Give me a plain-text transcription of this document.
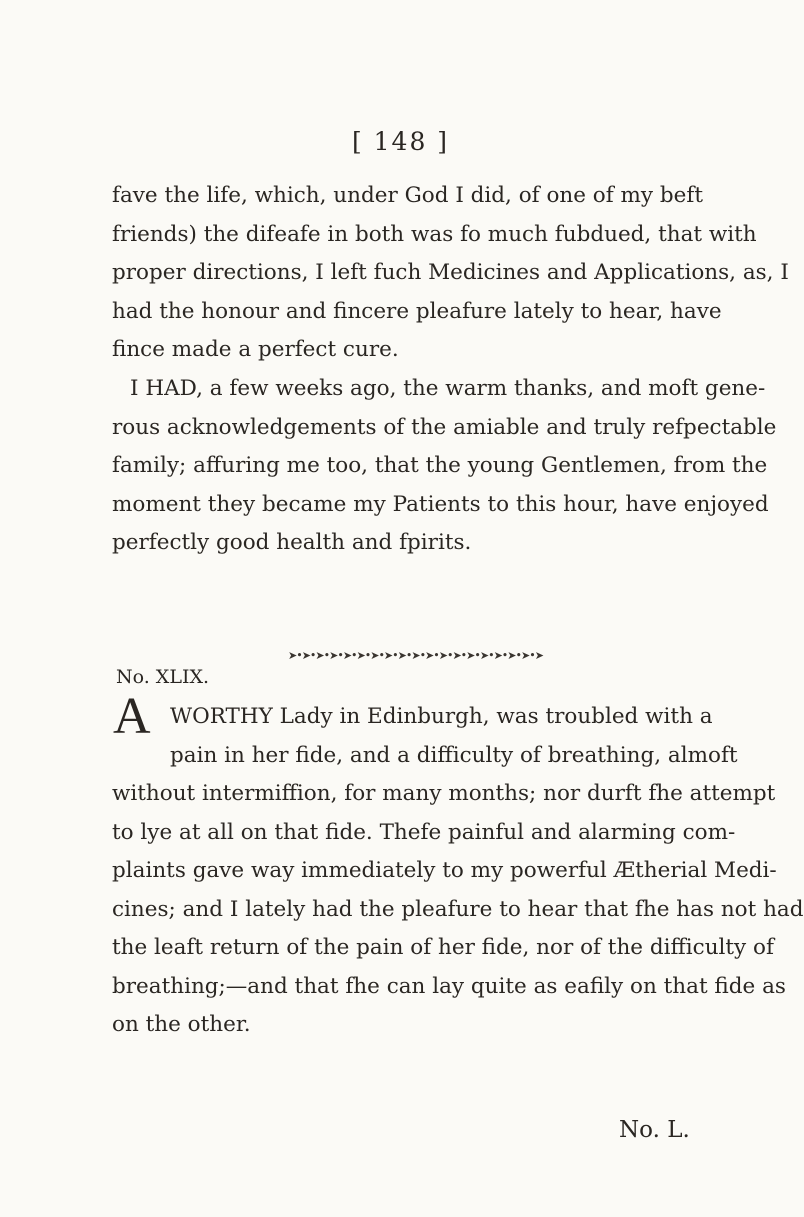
[ 148 ]
fave the life, which, under God I did, of one of my beft
friends) the difeafe in both was fo much fubdued, that with
proper directions, I left fuch Medicines and Applications, as, I
had the honour and fincere pleafure lately to hear, have
fince made a perfect cure.
I HAD, a few weeks ago, the warm thanks, and moft gene-
rous acknowledgements of the amiable and truly refpectable
family; affuring me too, that the young Gentlemen, from the
moment they became my Patients to this hour, have enjoyed
perfectly good health and fpirits.
➤•➤•➤•➤•➤•➤•➤•➤•➤•➤•➤•➤•➤•➤•➤•➤•➤•➤•➤
No. XLIX.
A WORTHY Lady in Edinburgh, was troubled with a
pain in her fide, and a difficulty of breathing, almoft
without intermiffion, for many months; nor durft fhe attempt
to lye at all on that fide. Thefe painful and alarming com-
plaints gave way immediately to my powerful Ætherial Medi-
cines; and I lately had the pleafure to hear that fhe has not had
the leaft return of the pain of her fide, nor of the difficulty of
breathing;—and that fhe can lay quite as eafily on that fide as
on the other.
No. L.
